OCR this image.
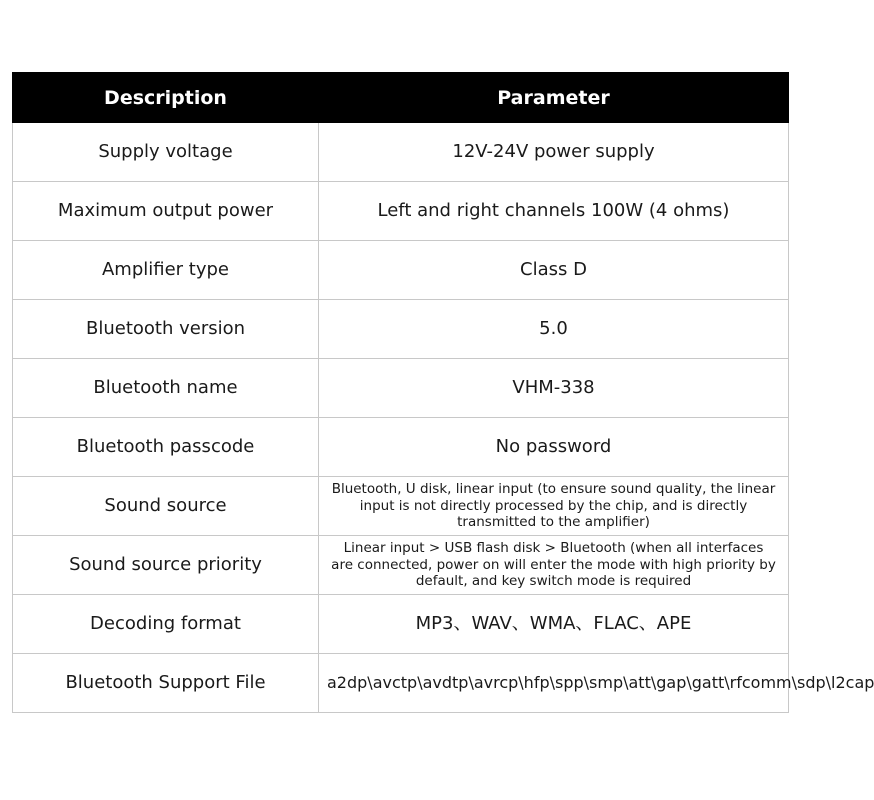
Description	Parameter
Supply voltage	12V-24V power supply
Maximum output power	Left and right channels 100W (4 ohms)
Amplifier type	Class D
Bluetooth version	5.0
Bluetooth name	VHM-338
Bluetooth passcode	No password
Sound source	Bluetooth, U disk, linear input (to ensure sound quality, the linear input is not directly processed by the chip, and is directly transmitted to the amplifier)
Sound source priority	Linear input > USB flash disk > Bluetooth (when all interfaces are connected, power on will enter the mode with high priority by default, and key switch mode is required
Decoding format	MP3、WAV、WMA、FLAC、APE
Bluetooth Support File	a2dp\avctp\avdtp\avrcp\hfp\spp\smp\att\gap\gatt\rfcomm\sdp\l2cap
